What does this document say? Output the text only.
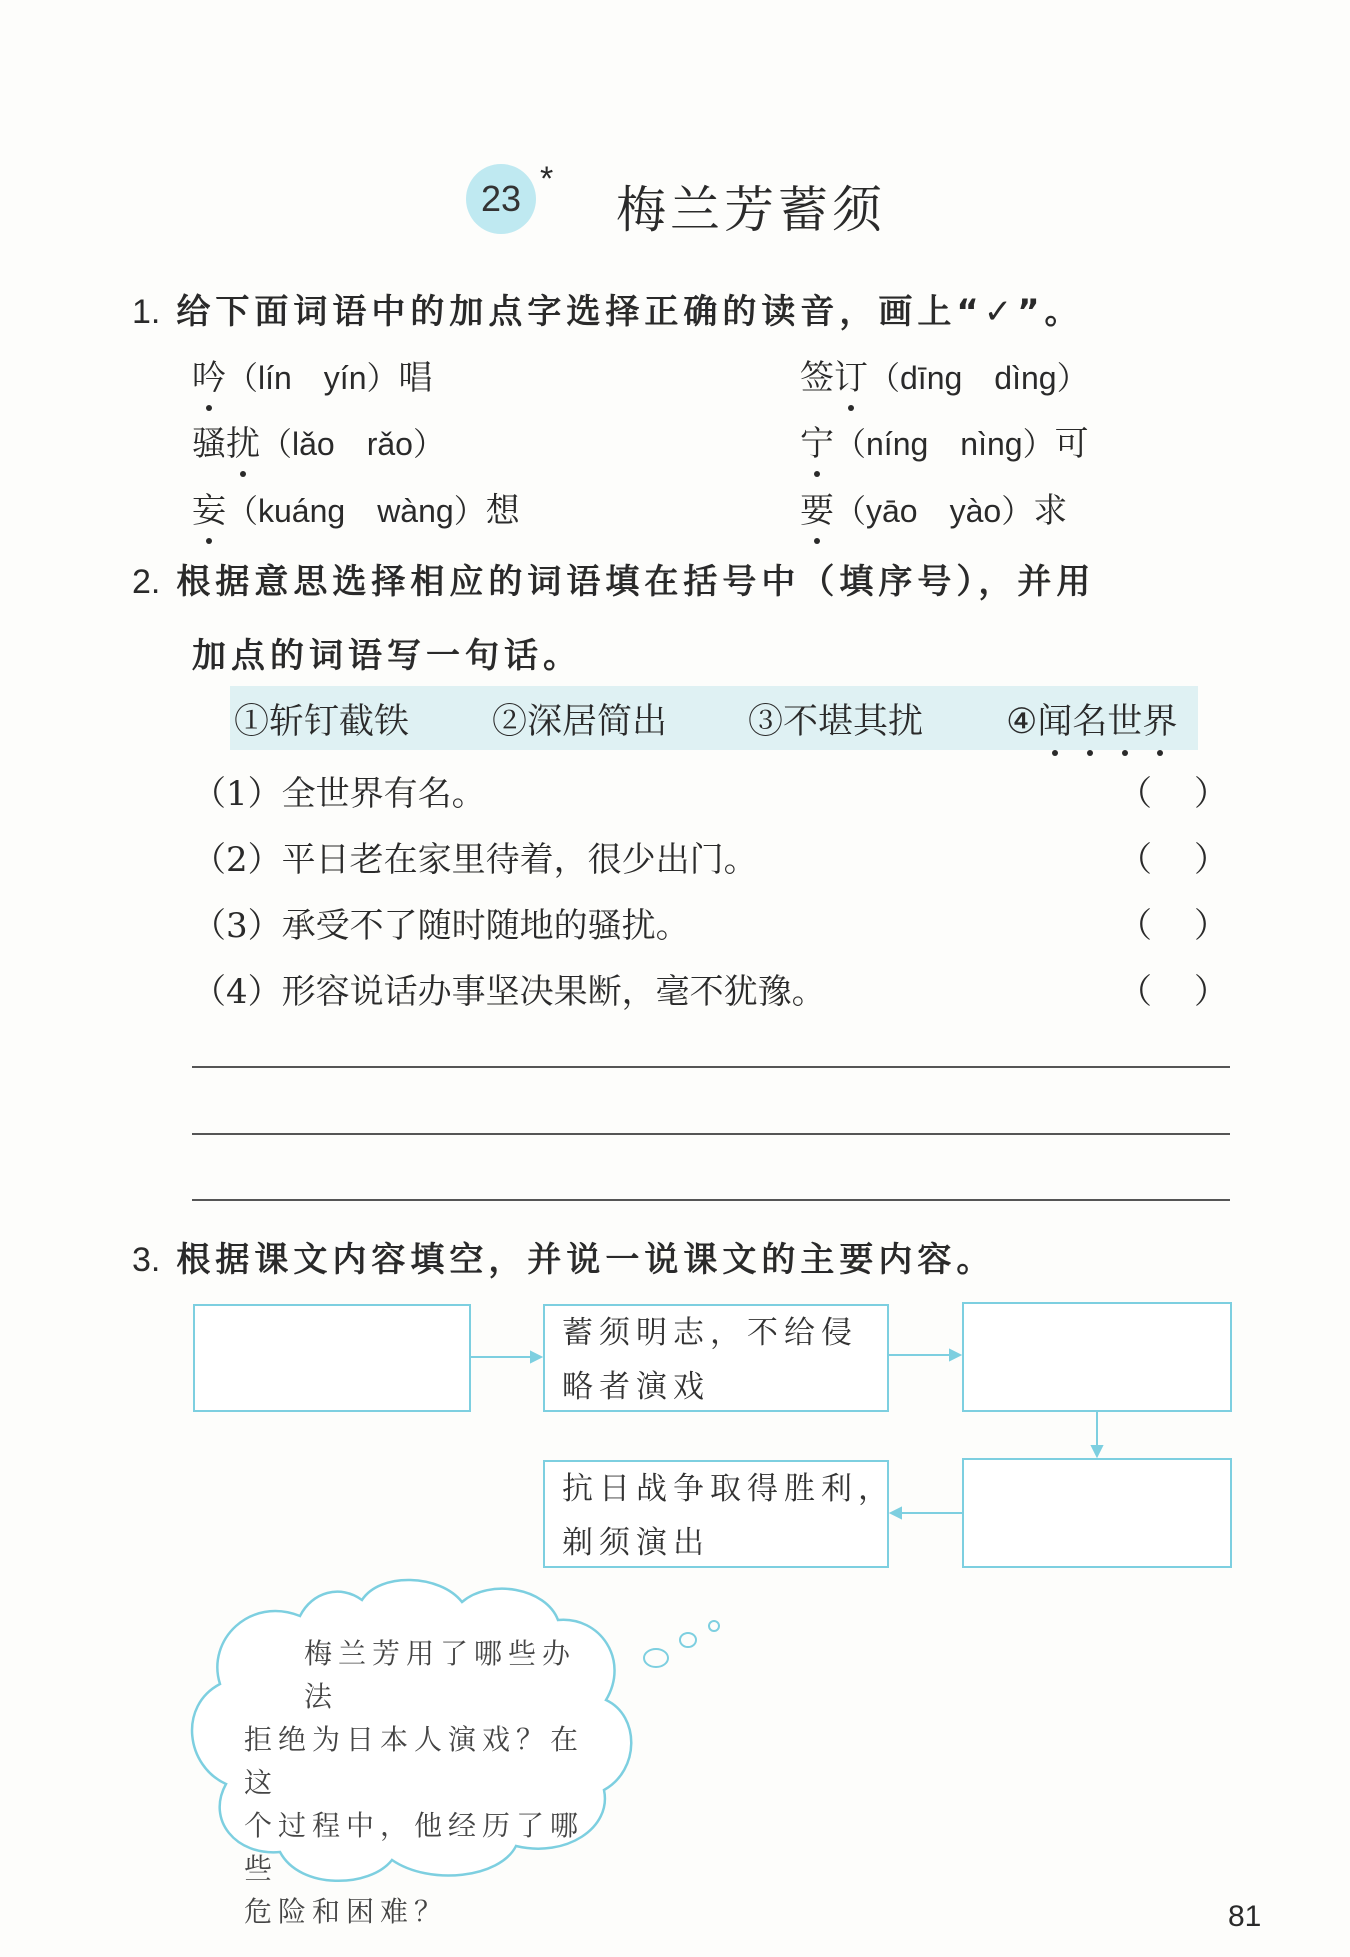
23 *
梅兰芳蓄须
1. 给下面词语中的加点字选择正确的读音，画上“✓”。
吟（lín　yín）唱	签订（dīng　dìng）
骚扰（lǎo　rǎo）	宁（níng　nìng）可
妄（kuáng　wàng）想	要（yāo　yào）求
2. 根据意思选择相应的词语填在括号中（填序号），并用
加点的词语写一句话。
①斩钉截铁 ②深居简出 ③不堪其扰 ④闻名世界
（1）全世界有名。	（ ）
（2）平日老在家里待着，很少出门。	（ ）
（3）承受不了随时随地的骚扰。	（ ）
（4）形容说话办事坚决果断，毫不犹豫。	（ ）
3. 根据课文内容填空，并说一说课文的主要内容。
蓄须明志，不给侵
略者演戏
抗日战争取得胜利，
剃须演出
梅兰芳用了哪些办法
拒绝为日本人演戏？在这
个过程中，他经历了哪些
危险和困难？	81
